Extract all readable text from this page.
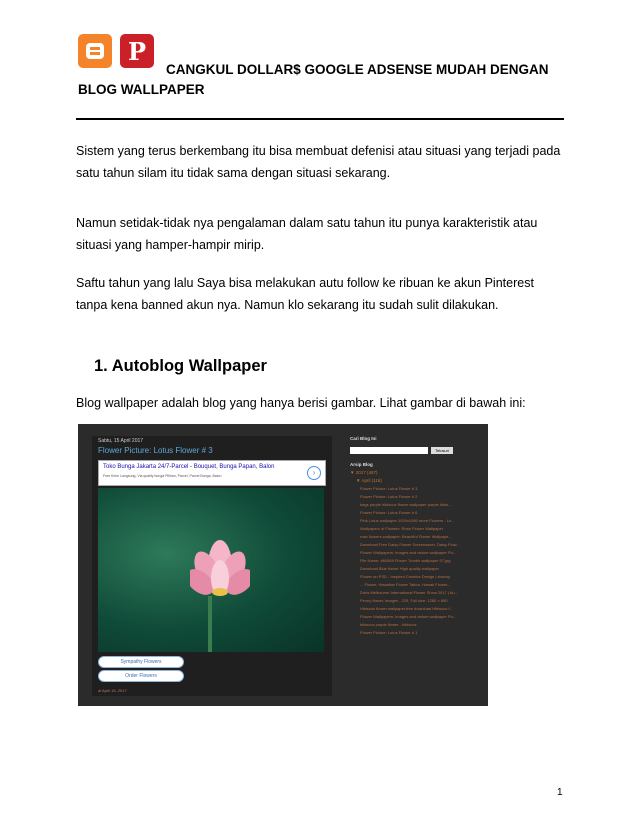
P
CANGKUL DOLLAR$ GOOGLE ADSENSE MUDAH DENGAN
BLOG WALLPAPER
Sistem yang terus berkembang itu bisa membuat defenisi atau situasi yang terjadi pada satu tahun silam itu tidak sama dengan situasi sekarang.
Namun setidak-tidak nya pengalaman dalam satu tahun itu punya karakteristik atau situasi yang hamper-hampir mirip.
Saftu tahun yang lalu Saya bisa melakukan autu follow ke ribuan ke akun Pinterest tanpa kena banned akun nya. Namun klo sekarang itu sudah sulit dilakukan.
1. Autoblog Wallpaper
Blog wallpaper adalah blog yang hanya berisi gambar. Lihat gambar di bawah ini:
Sabtu, 15 April 2017
Flower Picture: Lotus Flower # 3
Toko Bunga Jakarta 24/7-Parcel - Bouquet, Bunga Papan, Balon
Free Kirim Langsung, Via quality bunga Pilihan, Parcel, Parcel Bunga, Balon	›
Sympathy Flowers
Order Flowers
di April 15, 2017
Cari Blog Ini
Telusuri
Arsip Blog
▼ 2017 (487)
▼ April (118)
Flower Picture: Lotus Flower # 3
Flower Picture: Lotus Flower # 2
bags purple hibiscus flower wallpaper purple hibis...
Flower Picture: Lotus Flower # 6
Pink Lotus wallpaper 1920x1080 more Flowers - Lo...
Wallpapers of Flowers: Rose Flower Wallpaper
rose flowers wallpaper: Beautiful Flower Wallpape...
Download Free Daisy Flower Screensaver, Daisy Flow...
Flower Wallpapers: Images and nature wallpaper Flo...
File Name: #60569 Flower Tumblr wallpaper 07.jpg
Download Blue flower High quality wallpaper
Flower on PSD - Inspired Creative Design | strucsp
... Flower, Hawaiian Flower Tattoo, Hawaii Flower...
Doris Melbourne International Flower Show 2017 | Au...
Peony flower, images - 225, Full size: 1280 × 800
Hibiscus flower wallpaper,free download Hibiscus f...
Flower Wallpapers: Images and nature wallpaper Flo...
hibiscus purple flower - hibiscus
Flower Picture: Lotus Flower # 1
1
